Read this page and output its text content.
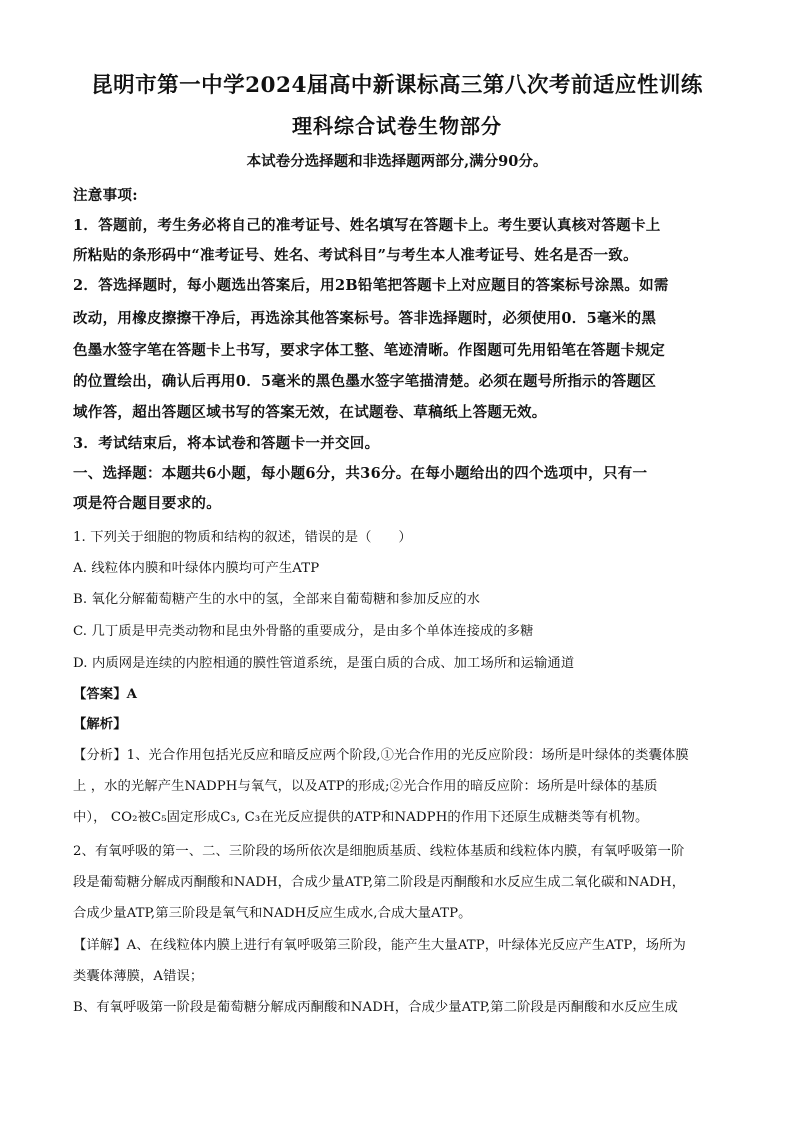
昆明市第一中学2024届高中新课标高三第八次考前适应性训练
理科综合试卷生物部分
本试卷分选择题和非选择题两部分,满分90分。
注意事项:
1．答题前，考生务必将自己的准考证号、姓名填写在答题卡上。考生要认真核对答题卡上
所粘贴的条形码中“准考证号、姓名、考试科目”与考生本人准考证号、姓名是否一致。
2．答选择题时，每小题选出答案后，用2B铅笔把答题卡上对应题目的答案标号涂黑。如需
改动，用橡皮擦擦干净后，再选涂其他答案标号。答非选择题时，必须使用0．5毫米的黑
色墨水签字笔在答题卡上书写，要求字体工整、笔迹清晰。作图题可先用铅笔在答题卡规定
的位置绘出，确认后再用0．5毫米的黑色墨水签字笔描清楚。必须在题号所指示的答题区
域作答，超出答题区域书写的答案无效，在试题卷、草稿纸上答题无效。
3．考试结束后，将本试卷和答题卡一并交回。
一、选择题：本题共6小题，每小题6分，共36分。在每小题给出的四个选项中，只有一
项是符合题目要求的。
1. 下列关于细胞的物质和结构的叙述，错误的是（　　）
A. 线粒体内膜和叶绿体内膜均可产生ATP
B. 氧化分解葡萄糖产生的水中的氢，全部来自葡萄糖和参加反应的水
C. 几丁质是甲壳类动物和昆虫外骨骼的重要成分，是由多个单体连接成的多糖
D. 内质网是连续的内腔相通的膜性管道系统，是蛋白质的合成、加工场所和运输通道
【答案】A
【解析】
【分析】1、光合作用包括光反应和暗反应两个阶段,①光合作用的光反应阶段：场所是叶绿体的类囊体膜
上 ，水的光解产生NADPH与氧气，以及ATP的形成;②光合作用的暗反应阶：场所是叶绿体的基质
中）， CO₂被C₅固定形成C₃, C₃在光反应提供的ATP和NADPH的作用下还原生成糖类等有机物。
2、有氧呼吸的第一、二、三阶段的场所依次是细胞质基质、线粒体基质和线粒体内膜，有氧呼吸第一阶
段是葡萄糖分解成丙酮酸和NADH，合成少量ATP,第二阶段是丙酮酸和水反应生成二氧化碳和NADH，
合成少量ATP,第三阶段是氧气和NADH反应生成水,合成大量ATP。
【详解】A、在线粒体内膜上进行有氧呼吸第三阶段，能产生大量ATP，叶绿体光反应产生ATP，场所为
类囊体薄膜，A错误；
B、有氧呼吸第一阶段是葡萄糖分解成丙酮酸和NADH，合成少量ATP,第二阶段是丙酮酸和水反应生成
